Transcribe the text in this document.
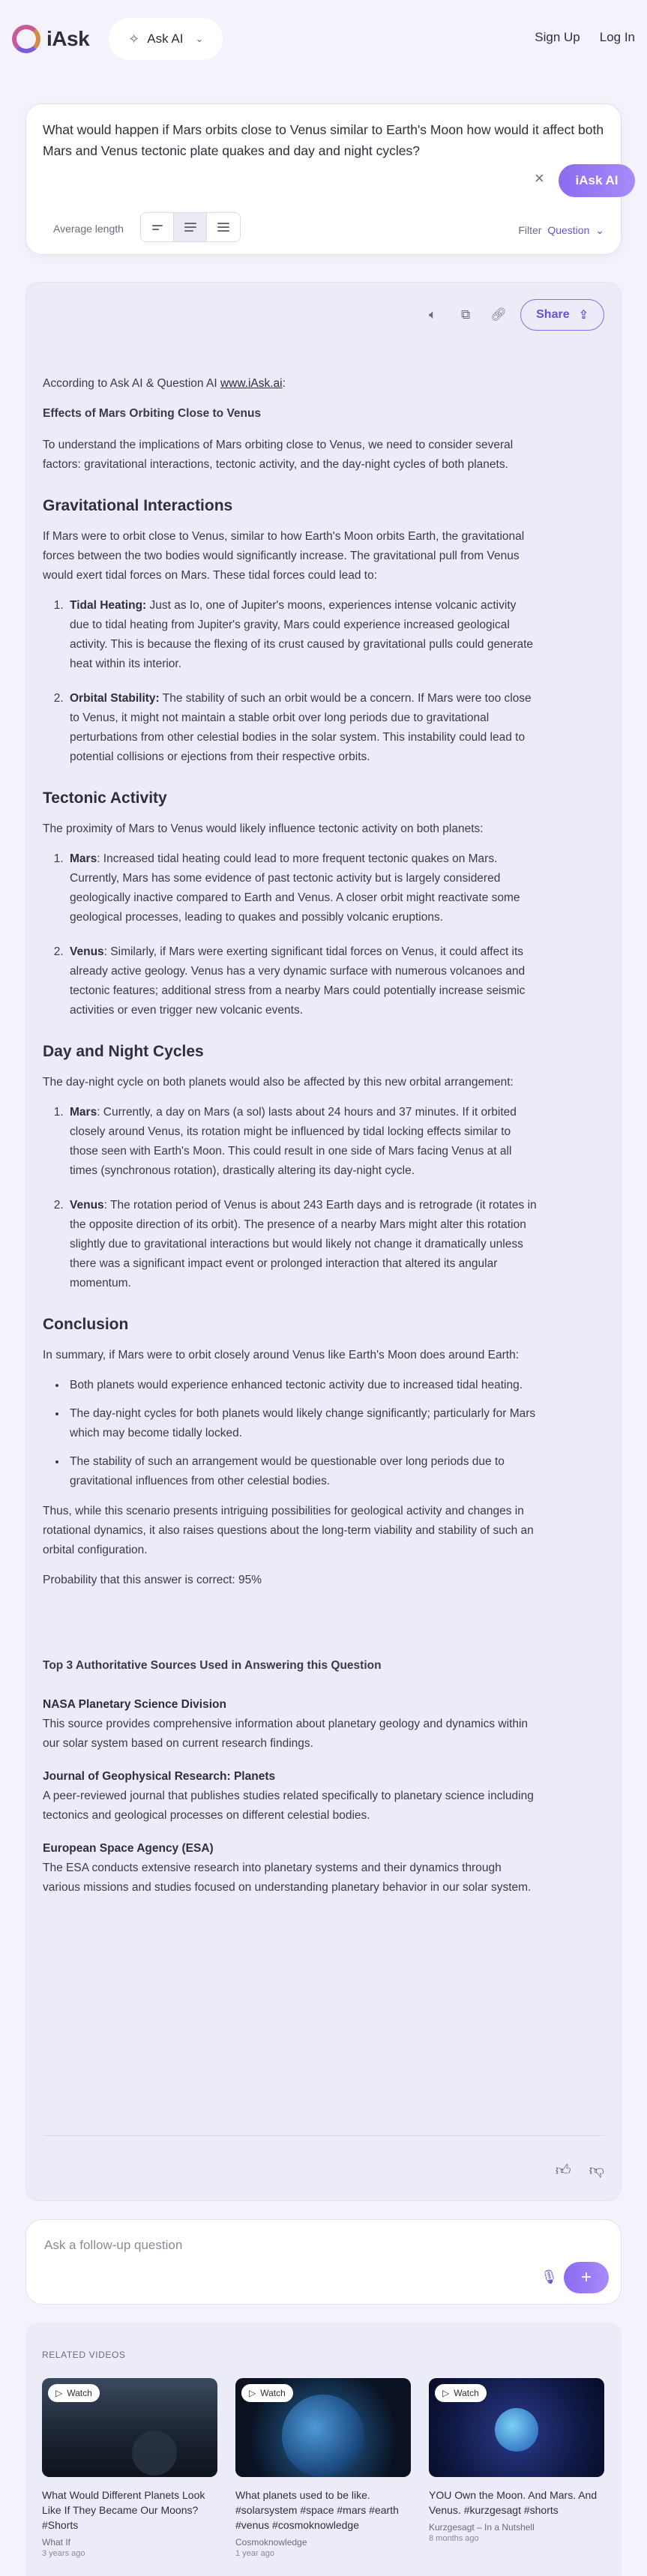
iAsk	✧ Ask AI ⌄	Sign Up Log In
What would happen if Mars orbits close to Venus similar to Earth's Moon how would it affect both Mars and Venus tectonic plate quakes and day and night cycles?
×	iAsk AI
Average length	Filter Question ⌄
🔈︎	⧉	🔗︎ Share ⇪

According to Ask AI & Question AI www.iAsk.ai:

Effects of Mars Orbiting Close to Venus

To understand the implications of Mars orbiting close to Venus, we need to consider several factors: gravitational interactions, tectonic activity, and the day-night cycles of both planets.

Gravitational Interactions

If Mars were to orbit close to Venus, similar to how Earth's Moon orbits Earth, the gravitational forces between the two bodies would significantly increase. The gravitational pull from Venus would exert tidal forces on Mars. These tidal forces could lead to:

1. Tidal Heating: Just as Io, one of Jupiter's moons, experiences intense volcanic activity due to tidal heating from Jupiter's gravity, Mars could experience increased geological activity. This is because the flexing of its crust caused by gravitational pulls could generate heat within its interior.
2. Orbital Stability: The stability of such an orbit would be a concern. If Mars were too close to Venus, it might not maintain a stable orbit over long periods due to gravitational perturbations from other celestial bodies in the solar system. This instability could lead to potential collisions or ejections from their respective orbits.
Tectonic Activity

The proximity of Mars to Venus would likely influence tectonic activity on both planets:

1. Mars: Increased tidal heating could lead to more frequent tectonic quakes on Mars. Currently, Mars has some evidence of past tectonic activity but is largely considered geologically inactive compared to Earth and Venus. A closer orbit might reactivate some geological processes, leading to quakes and possibly volcanic eruptions.
2. Venus: Similarly, if Mars were exerting significant tidal forces on Venus, it could affect its already active geology. Venus has a very dynamic surface with numerous volcanoes and tectonic features; additional stress from a nearby Mars could potentially increase seismic activities or even trigger new volcanic events.
Day and Night Cycles

The day-night cycle on both planets would also be affected by this new orbital arrangement:

1. Mars: Currently, a day on Mars (a sol) lasts about 24 hours and 37 minutes. If it orbited closely around Venus, its rotation might be influenced by tidal locking effects similar to those seen with Earth's Moon. This could result in one side of Mars facing Venus at all times (synchronous rotation), drastically altering its day-night cycle.
2. Venus: The rotation period of Venus is about 243 Earth days and is retrograde (it rotates in the opposite direction of its orbit). The presence of a nearby Mars might alter this rotation slightly due to gravitational interactions but would likely not change it dramatically unless there was a significant impact event or prolonged interaction that altered its angular momentum.
Conclusion

In summary, if Mars were to orbit closely around Venus like Earth's Moon does around Earth:

• Both planets would experience enhanced tectonic activity due to increased tidal heating.
• The day-night cycles for both planets would likely change significantly; particularly for Mars which may become tidally locked.
• The stability of such an arrangement would be questionable over long periods due to gravitational influences from other celestial bodies.

Thus, while this scenario presents intriguing possibilities for geological activity and changes in rotational dynamics, it also raises questions about the long-term viability and stability of such an orbital configuration.

Probability that this answer is correct: 95%

Top 3 Authoritative Sources Used in Answering this Question

NASA Planetary Science Division
This source provides comprehensive information about planetary geology and dynamics within our solar system based on current research findings.
Journal of Geophysical Research: Planets
A peer-reviewed journal that publishes studies related specifically to planetary science including tectonics and geological processes on different celestial bodies.
European Space Agency (ESA)
The ESA conducts extensive research into planetary systems and their dynamics through various missions and studies focused on understanding planetary behavior in our solar system.
👍︎ 👎︎
Ask a follow-up question
🎙︎	+
RELATED VIDEOS
▷ Watch
What Would Different Planets Look Like If They Became Our Moons? #Shorts
What If
3 years ago
▷ Watch
What planets used to be like. #solarsystem #space #mars #earth #venus #cosmoknowledge
Cosmoknowledge
1 year ago
▷ Watch
YOU Own the Moon. And Mars. And Venus. #kurzgesagt #shorts
Kurzgesagt – In a Nutshell
8 months ago
